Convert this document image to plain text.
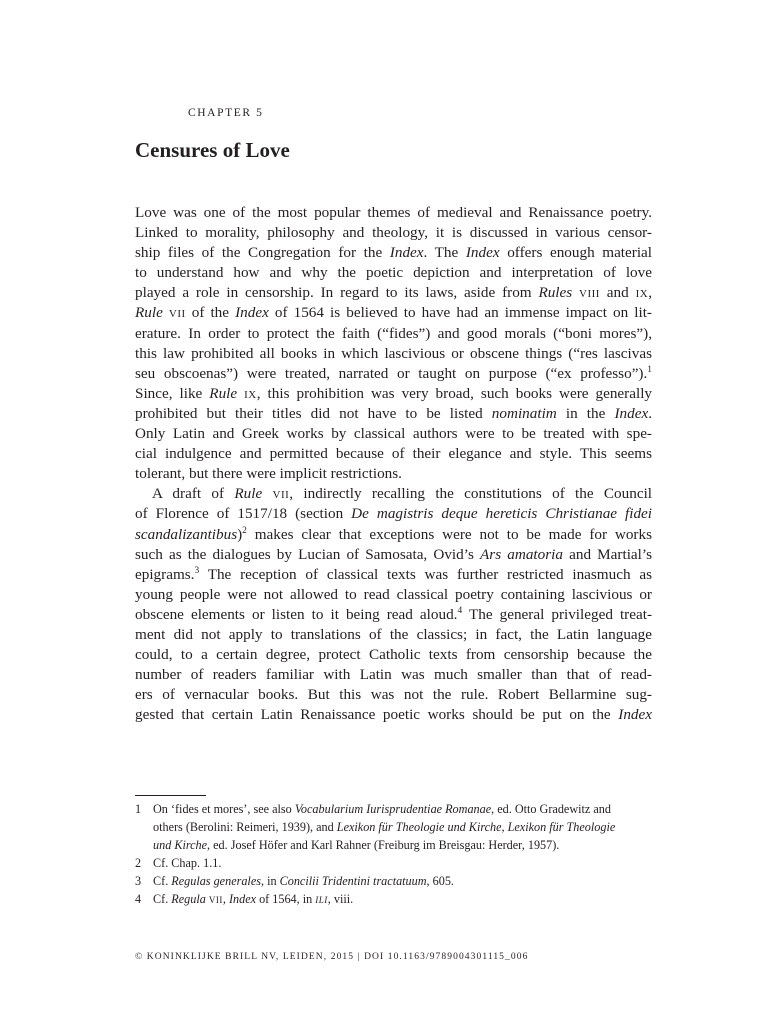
CHAPTER 5
Censures of Love
Love was one of the most popular themes of medieval and Renaissance poetry.
Linked to morality, philosophy and theology, it is discussed in various censor-
ship files of the Congregation for the Index. The Index offers enough material
to understand how and why the poetic depiction and interpretation of love
played a role in censorship. In regard to its laws, aside from Rules viii and ix,
Rule vii of the Index of 1564 is believed to have had an immense impact on lit-
erature. In order to protect the faith (“fides”) and good morals (“boni mores”),
this law prohibited all books in which lascivious or obscene things (“res lascivas
seu obscoenas”) were treated, narrated or taught on purpose (“ex professo”).$^1$
Since, like Rule ix, this prohibition was very broad, such books were generally
prohibited but their titles did not have to be listed nominatim in the Index.
Only Latin and Greek works by classical authors were to be treated with spe-
cial indulgence and permitted because of their elegance and style. This seems
tolerant, but there were implicit restrictions.
A draft of Rule vii, indirectly recalling the constitutions of the Council
of Florence of 1517/18 (section De magistris deque hereticis Christianae fidei
scandalizantibus)$^2$ makes clear that exceptions were not to be made for works
such as the dialogues by Lucian of Samosata, Ovid’s Ars amatoria and Martial’s
epigrams.$^3$ The reception of classical texts was further restricted inasmuch as
young people were not allowed to read classical poetry containing lascivious or
obscene elements or listen to it being read aloud.$^4$ The general privileged treat-
ment did not apply to translations of the classics; in fact, the Latin language
could, to a certain degree, protect Catholic texts from censorship because the
number of readers familiar with Latin was much smaller than that of read-
ers of vernacular books. But this was not the rule. Robert Bellarmine sug-
gested that certain Latin Renaissance poetic works should be put on the Index
1 On ‘fides et mores’, see also Vocabularium Iurisprudentiae Romanae, ed. Otto Gradewitz and
others (Berolini: Reimeri, 1939), and Lexikon für Theologie und Kirche, Lexikon für Theologie
und Kirche, ed. Josef Höfer and Karl Rahner (Freiburg im Breisgau: Herder, 1957).
2 Cf. Chap. 1.1.
3 Cf. Regulas generales, in Concilii Tridentini tractatuum, 605.
4 Cf. Regula vii, Index of 1564, in ili, viii.
© KONINKLIJKE BRILL NV, LEIDEN, 2015 | DOI 10.1163/9789004301115_006
